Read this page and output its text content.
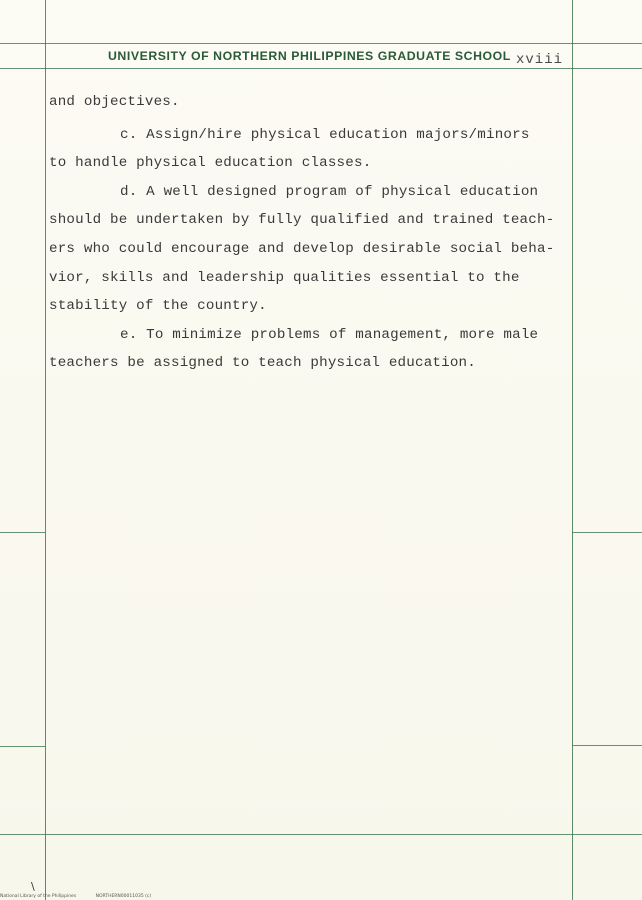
UNIVERSITY OF NORTHERN PHILIPPINES GRADUATE SCHOOL xviii
and objectives.
c. Assign/hire physical education majors/minors
to handle physical education classes.
d. A well designed program of physical education
should be undertaken by fully qualified and trained teach-
ers who could encourage and develop desirable social beha-
vior, skills and leadership qualities essential to the
stability of the country.
e. To minimize problems of management, more male
teachers be assigned to teach physical education.
\
National Library of the Philippines	NORTHERN00011035 (c)
